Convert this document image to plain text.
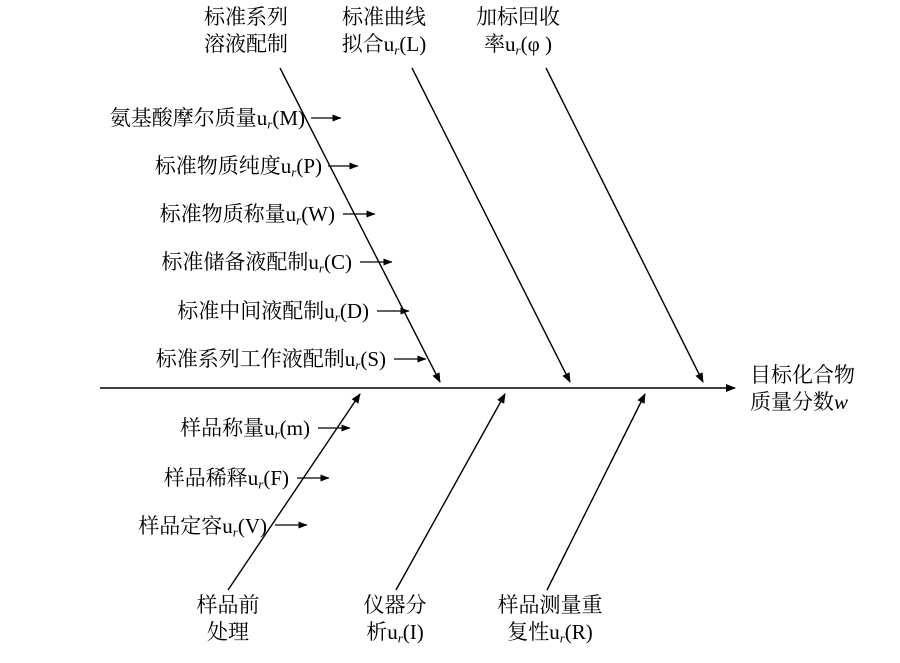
标准系列
溶液配制
标准曲线
拟合$u_r(L)$
加标回收
率$u_r(\varphi$ )
样品前
处理
仪器分
析$u_r(I)$
样品测量重
复性$u_r(R)$
氨基酸摩尔质量$u_r(M)$
标准物质纯度$u_r(P)$
标准物质称量$u_r(W)$
标准储备液配制$u_r(C)$
标准中间液配制$u_r(D)$
标准系列工作液配制$u_r(S)$
样品称量$u_r(m)$
样品稀释$u_r(F)$
样品定容$u_r(V)$
目标化合物
质量分数w
